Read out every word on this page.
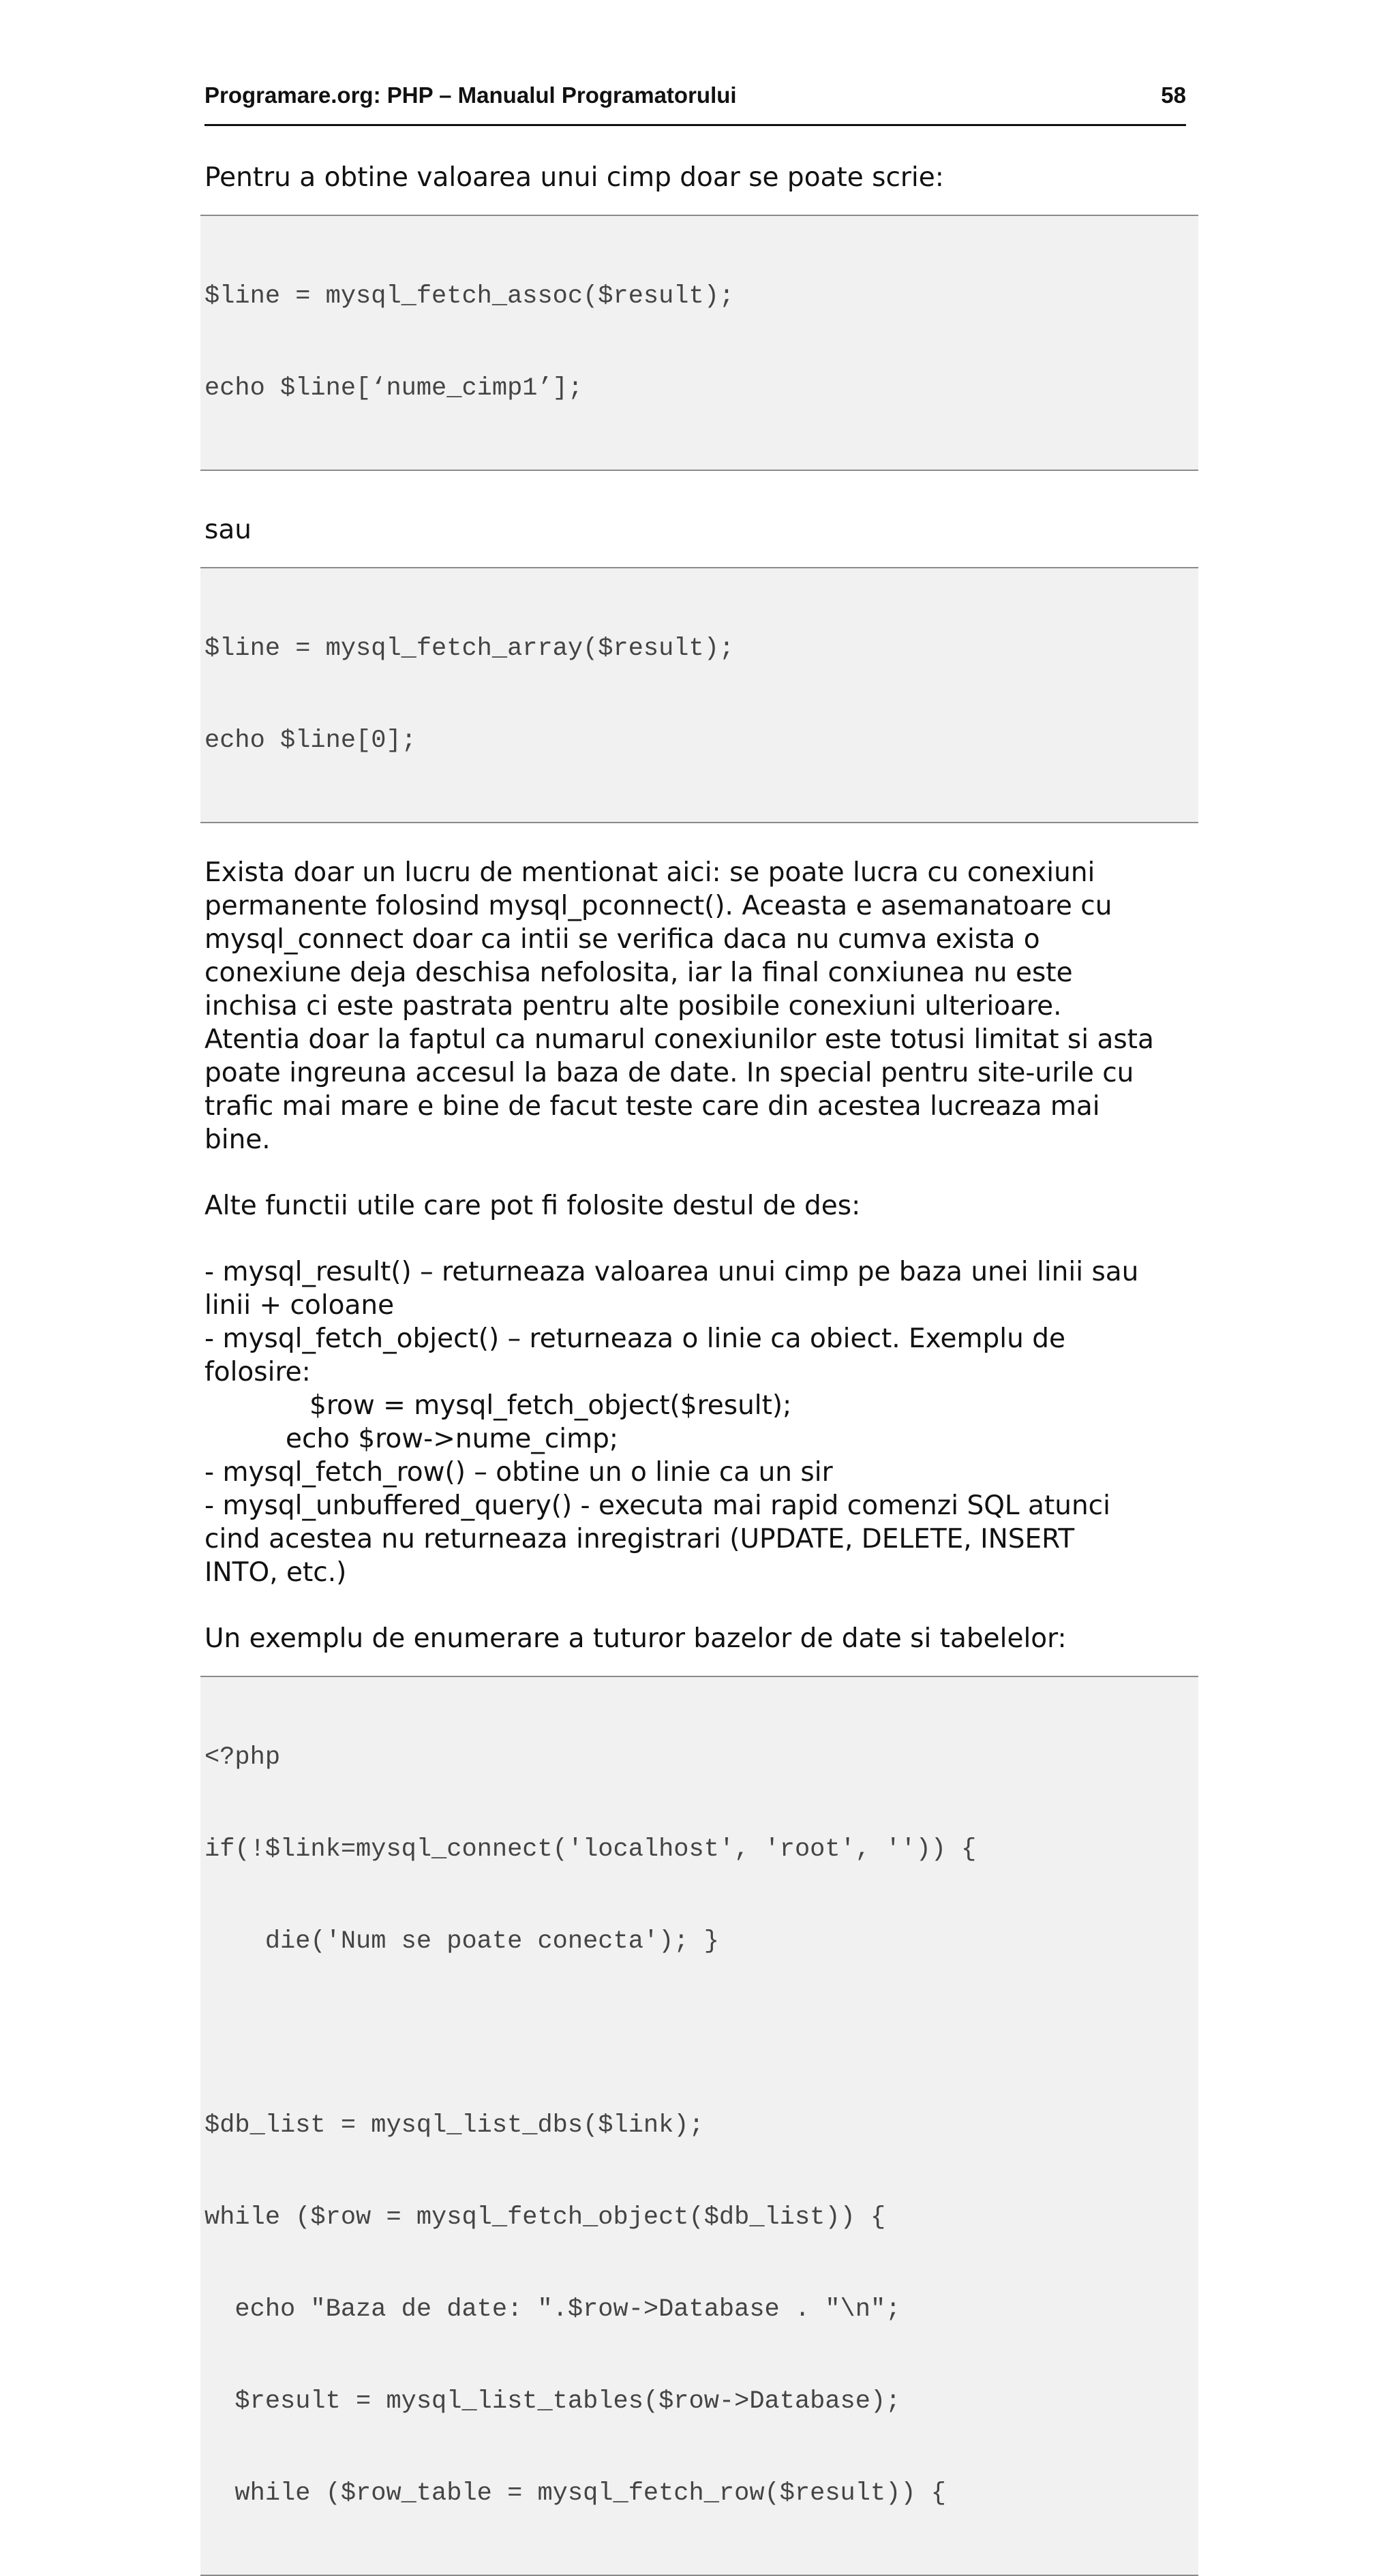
Programare.org: PHP – Manualul Programatorului	58

Pentru a obtine valoarea unui cimp doar se poate scrie:

$line = mysql_fetch_assoc($result);

echo $line[‘nume_cimp1’];

sau

$line = mysql_fetch_array($result);

echo $line[0];

Exista doar un lucru de mentionat aici: se poate lucra cu conexiuni
permanente folosind mysql_pconnect(). Aceasta e asemanatoare cu
mysql_connect doar ca intii se verifica daca nu cumva exista o
conexiune deja deschisa nefolosita, iar la final conxiunea nu este
inchisa ci este pastrata pentru alte posibile conexiuni ulterioare.
Atentia doar la faptul ca numarul conexiunilor este totusi limitat si asta
poate ingreuna accesul la baza de date. In special pentru site-urile cu
trafic mai mare e bine de facut teste care din acestea lucreaza mai
bine.

Alte functii utile care pot fi folosite destul de des:

- mysql_result() – returneaza valoarea unui cimp pe baza unei linii sau
linii + coloane
- mysql_fetch_object() – returneaza o linie ca obiect. Exemplu de
folosire:
$row = mysql_fetch_object($result);
echo $row->nume_cimp;
- mysql_fetch_row() – obtine un o linie ca un sir
- mysql_unbuffered_query() - executa mai rapid comenzi SQL atunci
cind acestea nu returneaza inregistrari (UPDATE, DELETE, INSERT
INTO, etc.)

Un exemplu de enumerare a tuturor bazelor de date si tabelelor:

<?php

if(!$link=mysql_connect('localhost', 'root', '')) {

die('Num se poate conecta'); }

$db_list = mysql_list_dbs($link);

while ($row = mysql_fetch_object($db_list)) {

echo "Baza de date: ".$row->Database . "\n";

$result = mysql_list_tables($row->Database);

while ($row_table = mysql_fetch_row($result)) {
